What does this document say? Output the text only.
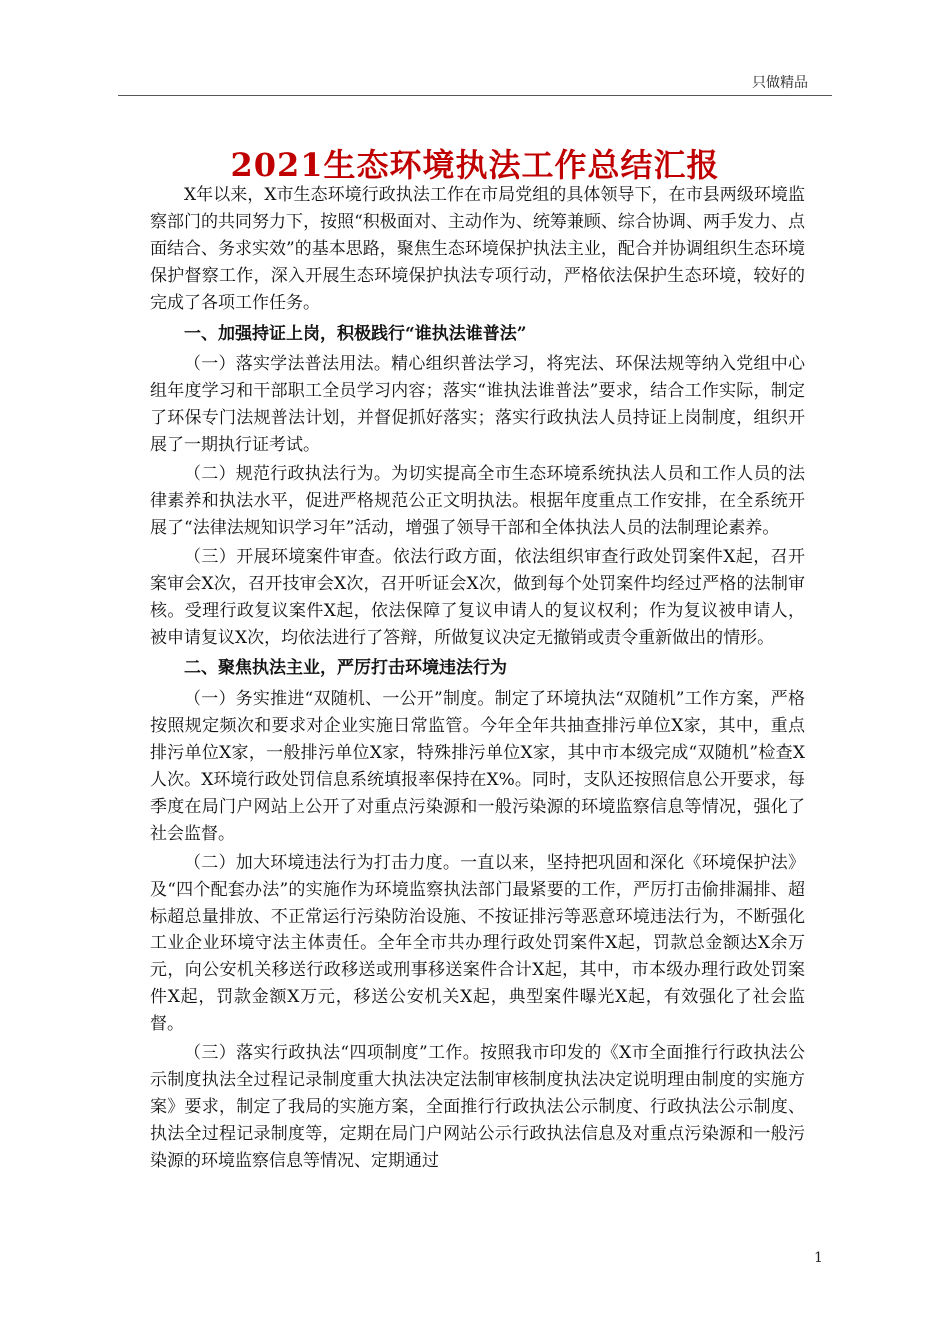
只做精品
2021生态环境执法工作总结汇报

X年以来，X市生态环境行政执法工作在市局党组的具体领导下，在市县两级环境监察部门的共同努力下，按照“积极面对、主动作为、统筹兼顾、综合协调、两手发力、点面结合、务求实效”的基本思路，聚焦生态环境保护执法主业，配合并协调组织生态环境保护督察工作，深入开展生态环境保护执法专项行动，严格依法保护生态环境，较好的完成了各项工作任务。

一、加强持证上岗，积极践行“谁执法谁普法”

（一）落实学法普法用法。精心组织普法学习，将宪法、环保法规等纳入党组中心组年度学习和干部职工全员学习内容；落实“谁执法谁普法”要求，结合工作实际，制定了环保专门法规普法计划，并督促抓好落实；落实行政执法人员持证上岗制度，组织开展了一期执行证考试。

（二）规范行政执法行为。为切实提高全市生态环境系统执法人员和工作人员的法律素养和执法水平，促进严格规范公正文明执法。根据年度重点工作安排，在全系统开展了“法律法规知识学习年”活动，增强了领导干部和全体执法人员的法制理论素养。

（三）开展环境案件审查。依法行政方面，依法组织审查行政处罚案件X起，召开案审会X次，召开技审会X次，召开听证会X次，做到每个处罚案件均经过严格的法制审核。受理行政复议案件X起，依法保障了复议申请人的复议权利；作为复议被申请人，被申请复议X次，均依法进行了答辩，所做复议决定无撤销或责令重新做出的情形。

二、聚焦执法主业，严厉打击环境违法行为

（一）务实推进“双随机、一公开”制度。制定了环境执法“双随机”工作方案，严格按照规定频次和要求对企业实施日常监管。今年全年共抽查排污单位X家，其中，重点排污单位X家，一般排污单位X家，特殊排污单位X家，其中市本级完成“双随机”检查X人次。X环境行政处罚信息系统填报率保持在X%。同时，支队还按照信息公开要求，每季度在局门户网站上公开了对重点污染源和一般污染源的环境监察信息等情况，强化了社会监督。

（二）加大环境违法行为打击力度。一直以来，坚持把巩固和深化《环境保护法》及“四个配套办法”的实施作为环境监察执法部门最紧要的工作，严厉打击偷排漏排、超标超总量排放、不正常运行污染防治设施、不按证排污等恶意环境违法行为，不断强化工业企业环境守法主体责任。全年全市共办理行政处罚案件X起，罚款总金额达X余万元，向公安机关移送行政移送或刑事移送案件合计X起，其中，市本级办理行政处罚案件X起，罚款金额X万元，移送公安机关X起，典型案件曝光X起，有效强化了社会监督。

（三）落实行政执法“四项制度”工作。按照我市印发的《X市全面推行行政执法公示制度执法全过程记录制度重大执法决定法制审核制度执法决定说明理由制度的实施方案》要求，制定了我局的实施方案，全面推行行政执法公示制度、行政执法公示制度、执法全过程记录制度等，定期在局门户网站公示行政执法信息及对重点污染源和一般污染源的环境监察信息等情况、定期通过

1
